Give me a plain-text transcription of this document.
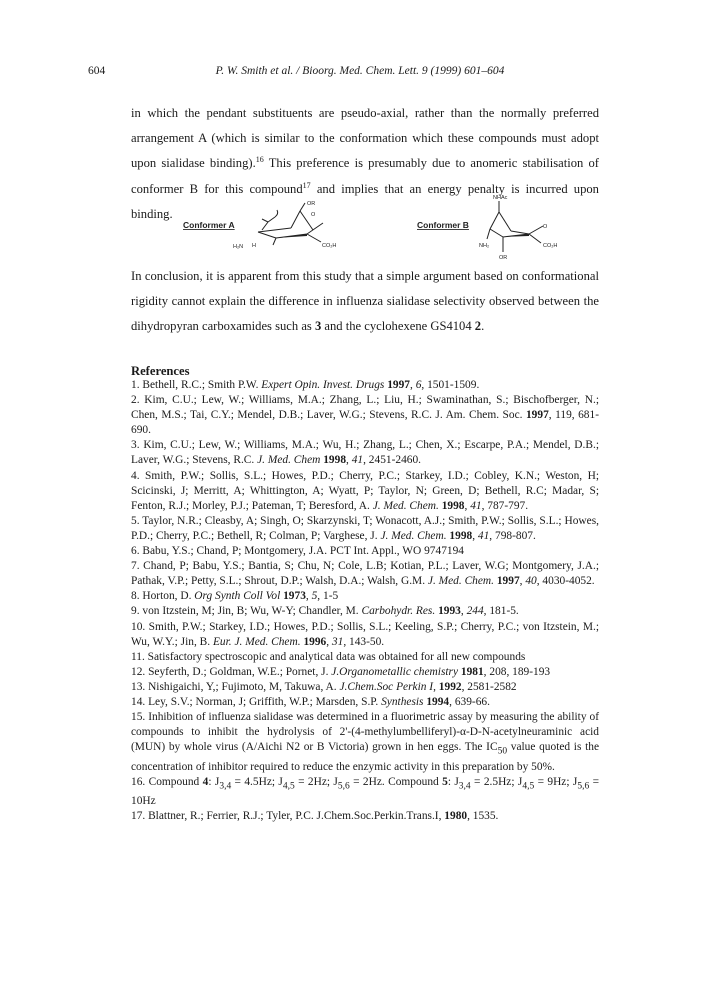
604	P. W. Smith et al. / Bioorg. Med. Chem. Lett. 9 (1999) 601–604

in which the pendant substituents are pseudo-axial, rather than the normally preferred arrangement A (which is similar to the conformation which these compounds must adopt upon sialidase binding).$^{16}$ This preference is presumably due to anomeric stabilisation of conformer B for this compound$^{17}$ and implies that an energy penalty is incurred upon binding.

Conformer A
OR
O
H₂N H	CO₂H
Conformer B
NHAc
O
NH₂	CO₂H
OR

In conclusion, it is apparent from this study that a simple argument based on conformational rigidity cannot explain the difference in influenza sialidase selectivity observed between the dihydropyran carboxamides such as 3 and the cyclohexene GS4104 2.

References

1. Bethell, R.C.; Smith P.W. Expert Opin. Invest. Drugs 1997, 6, 1501-1509.

2. Kim, C.U.; Lew, W.; Williams, M.A.; Zhang, L.; Liu, H.; Swaminathan, S.; Bischofberger, N.; Chen, M.S.; Tai, C.Y.; Mendel, D.B.; Laver, W.G.; Stevens, R.C. J. Am. Chem. Soc. 1997, 119, 681-690.

3. Kim, C.U.; Lew, W.; Williams, M.A.; Wu, H.; Zhang, L.; Chen, X.; Escarpe, P.A.; Mendel, D.B.; Laver, W.G.; Stevens, R.C. J. Med. Chem 1998, 41, 2451-2460.

4. Smith, P.W.; Sollis, S.L.; Howes, P.D.; Cherry, P.C.; Starkey, I.D.; Cobley, K.N.; Weston, H; Scicinski, J; Merritt, A; Whittington, A; Wyatt, P; Taylor, N; Green, D; Bethell, R.C; Madar, S; Fenton, R.J.; Morley, P.J.; Pateman, T; Beresford, A. J. Med. Chem. 1998, 41, 787-797.

5. Taylor, N.R.; Cleasby, A; Singh, O; Skarzynski, T; Wonacott, A.J.; Smith, P.W.; Sollis, S.L.; Howes, P.D.; Cherry, P.C.; Bethell, R; Colman, P; Varghese, J. J. Med. Chem. 1998, 41, 798-807.

6. Babu, Y.S.; Chand, P; Montgomery, J.A. PCT Int. Appl., WO 9747194

7. Chand, P; Babu, Y.S.; Bantia, S; Chu, N; Cole, L.B; Kotian, P.L.; Laver, W.G; Montgomery, J.A.; Pathak, V.P.; Petty, S.L.; Shrout, D.P.; Walsh, D.A.; Walsh, G.M. J. Med. Chem. 1997, 40, 4030-4052.

8. Horton, D. Org Synth Coll Vol 1973, 5, 1-5

9. von Itzstein, M; Jin, B; Wu, W-Y; Chandler, M. Carbohydr. Res. 1993, 244, 181-5.

10. Smith, P.W.; Starkey, I.D.; Howes, P.D.; Sollis, S.L.; Keeling, S.P.; Cherry, P.C.; von Itzstein, M.; Wu, W.Y.; Jin, B. Eur. J. Med. Chem. 1996, 31, 143-50.

11. Satisfactory spectroscopic and analytical data was obtained for all new compounds

12. Seyferth, D.; Goldman, W.E.; Pornet, J. J.Organometallic chemistry 1981, 208, 189-193

13. Nishigaichi, Y,; Fujimoto, M, Takuwa, A. J.Chem.Soc Perkin I, 1992, 2581-2582

14. Ley, S.V.; Norman, J; Griffith, W.P.; Marsden, S.P. Synthesis 1994, 639-66.

15. Inhibition of influenza sialidase was determined in a fluorimetric assay by measuring the ability of compounds to inhibit the hydrolysis of 2'-(4-methylumbelliferyl)-α-D-N-acetylneuraminic acid (MUN) by whole virus (A/Aichi N2 or B Victoria) grown in hen eggs. The $IC_{50}$ value quoted is the concentration of inhibitor required to reduce the enzymic activity in this preparation by 50%.

16. Compound 4: $J_{3,4} = 4.5Hz$; $J_{4,5} = 2Hz$; $J_{5,6} = 2Hz$. Compound 5: $J_{3,4} = 2.5Hz$; $J_{4,5} = 9Hz$; $J_{5,6} = 10Hz$

17. Blattner, R.; Ferrier, R.J.; Tyler, P.C. J.Chem.Soc.Perkin.Trans.I, 1980, 1535.
